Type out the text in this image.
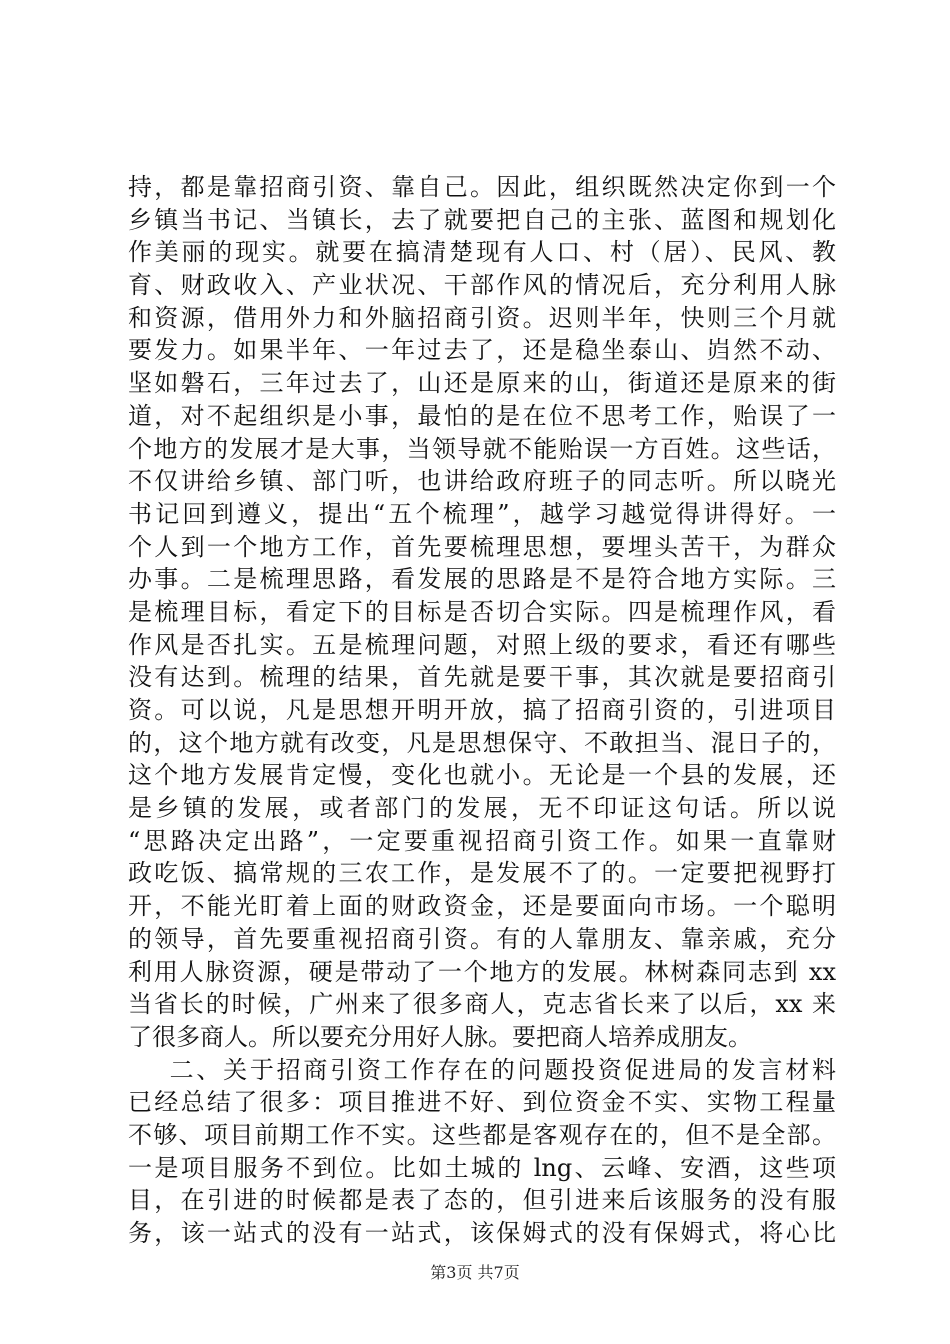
持，都是靠招商引资、靠自己。因此，组织既然决定你到一个
乡镇当书记、当镇长，去了就要把自己的主张、蓝图和规划化
作美丽的现实。就要在搞清楚现有人口、村（居）、民风、教
育、财政收入、产业状况、干部作风的情况后，充分利用人脉
和资源，借用外力和外脑招商引资。迟则半年，快则三个月就
要发力。如果半年、一年过去了，还是稳坐泰山、岿然不动、
坚如磐石，三年过去了，山还是原来的山，街道还是原来的街
道，对不起组织是小事，最怕的是在位不思考工作，贻误了一
个地方的发展才是大事，当领导就不能贻误一方百姓。这些话，
不仅讲给乡镇、部门听，也讲给政府班子的同志听。所以晓光
书记回到遵义，提出“五个梳理”，越学习越觉得讲得好。一
个人到一个地方工作，首先要梳理思想，要埋头苦干，为群众
办事。二是梳理思路，看发展的思路是不是符合地方实际。三
是梳理目标，看定下的目标是否切合实际。四是梳理作风，看
作风是否扎实。五是梳理问题，对照上级的要求，看还有哪些
没有达到。梳理的结果，首先就是要干事，其次就是要招商引
资。可以说，凡是思想开明开放，搞了招商引资的，引进项目
的，这个地方就有改变，凡是思想保守、不敢担当、混日子的，
这个地方发展肯定慢，变化也就小。无论是一个县的发展，还
是乡镇的发展，或者部门的发展，无不印证这句话。所以说
“思路决定出路”，一定要重视招商引资工作。如果一直靠财
政吃饭、搞常规的三农工作，是发展不了的。一定要把视野打
开，不能光盯着上面的财政资金，还是要面向市场。一个聪明
的领导，首先要重视招商引资。有的人靠朋友、靠亲戚，充分
利用人脉资源，硬是带动了一个地方的发展。林树森同志到 xx
当省长的时候，广州来了很多商人，克志省长来了以后，xx 来
了很多商人。所以要充分用好人脉。要把商人培养成朋友。
二、关于招商引资工作存在的问题投资促进局的发言材料
已经总结了很多：项目推进不好、到位资金不实、实物工程量
不够、项目前期工作不实。这些都是客观存在的，但不是全部。
一是项目服务不到位。比如土城的 lng、云峰、安酒，这些项
目，在引进的时候都是表了态的，但引进来后该服务的没有服
务，该一站式的没有一站式，该保姆式的没有保姆式，将心比
第3页 共7页
